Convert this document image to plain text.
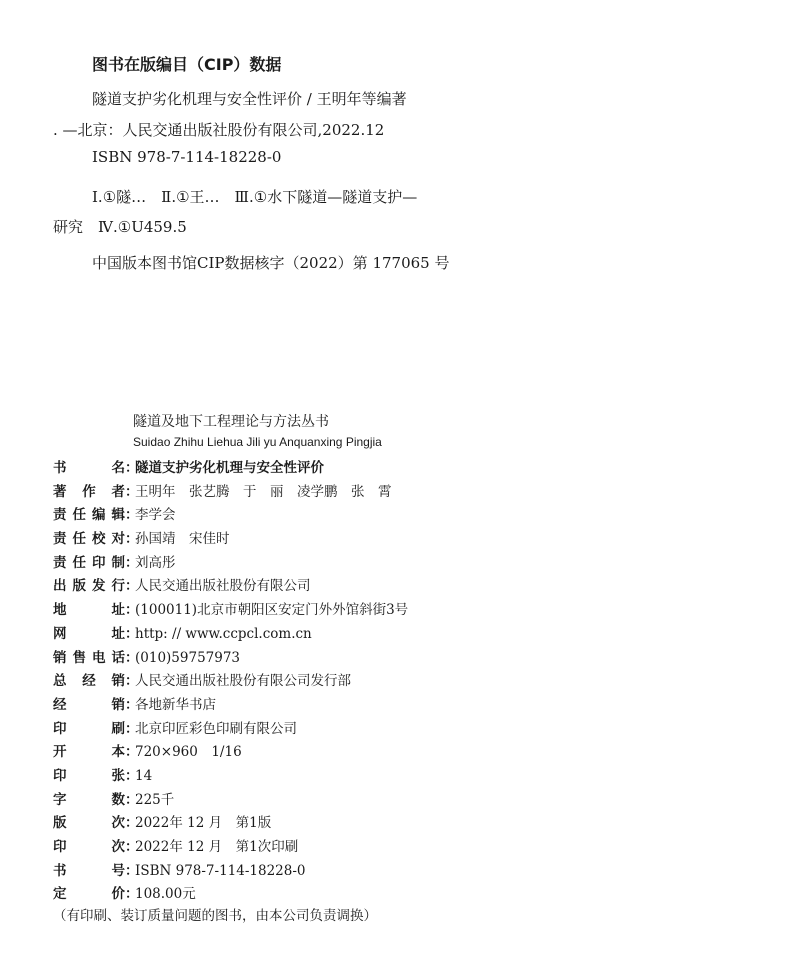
图书在版编目（CIP）数据
隧道支护劣化机理与安全性评价 / 王明年等编著
. —北京：人民交通出版社股份有限公司,2022.12
ISBN 978-7-114-18228-0
Ⅰ.①隧…　Ⅱ.①王…　Ⅲ.①水下隧道—隧道支护—
研究　Ⅳ.①U459.5
中国版本图书馆CIP数据核字（2022）第 177065 号
隧道及地下工程理论与方法丛书
Suidao Zhihu Liehua Jili yu Anquanxing Pingjia
书名：隧道支护劣化机理与安全性评价
著作者：王明年　张艺腾　于　丽　凌学鹏　张　霄
责任编辑：李学会
责任校对：孙国靖　宋佳时
责任印制：刘高彤
出版发行：人民交通出版社股份有限公司
地址：(100011)北京市朝阳区安定门外外馆斜街3号
网址：http: // www.ccpcl.com.cn
销售电话：(010)59757973
总经销：人民交通出版社股份有限公司发行部
经销：各地新华书店
印刷：北京印匠彩色印刷有限公司
开本：720×960　1/16
印张：14
字数：225千
版次：2022年 12 月　第1版
印次：2022年 12 月　第1次印刷
书号：ISBN 978-7-114-18228-0
定价：108.00元
（有印刷、装订质量问题的图书，由本公司负责调换）
